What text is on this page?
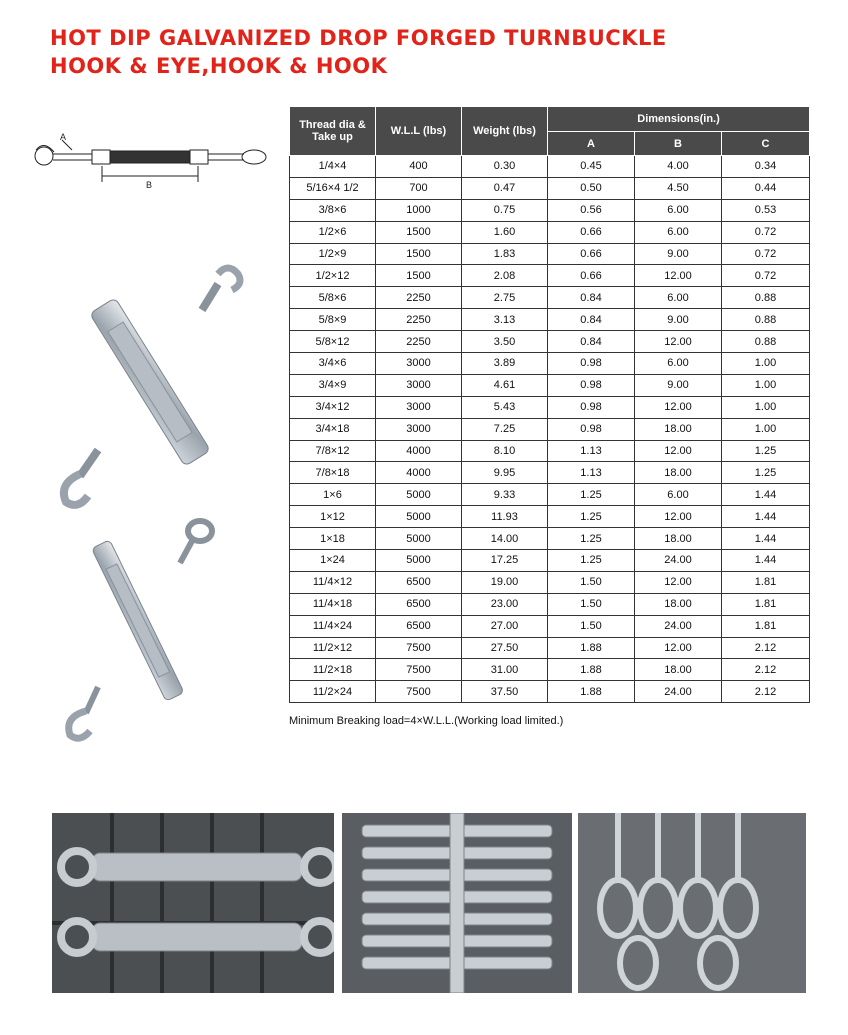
HOT DIP GALVANIZED DROP FORGED TURNBUCKLE
HOOK & EYE,HOOK & HOOK
B
A
Thread dia & Take up	W.L.L (lbs)	Weight (lbs)	Dimensions(in.)		
			A	B	C
1/4×4	400	0.30	0.45	4.00	0.34
5/16×4 1/2	700	0.47	0.50	4.50	0.44
3/8×6	1000	0.75	0.56	6.00	0.53
1/2×6	1500	1.60	0.66	6.00	0.72
1/2×9	1500	1.83	0.66	9.00	0.72
1/2×12	1500	2.08	0.66	12.00	0.72
5/8×6	2250	2.75	0.84	6.00	0.88
5/8×9	2250	3.13	0.84	9.00	0.88
5/8×12	2250	3.50	0.84	12.00	0.88
3/4×6	3000	3.89	0.98	6.00	1.00
3/4×9	3000	4.61	0.98	9.00	1.00
3/4×12	3000	5.43	0.98	12.00	1.00
3/4×18	3000	7.25	0.98	18.00	1.00
7/8×12	4000	8.10	1.13	12.00	1.25
7/8×18	4000	9.95	1.13	18.00	1.25
1×6	5000	9.33	1.25	6.00	1.44
1×12	5000	11.93	1.25	12.00	1.44
1×18	5000	14.00	1.25	18.00	1.44
1×24	5000	17.25	1.25	24.00	1.44
11/4×12	6500	19.00	1.50	12.00	1.81
11/4×18	6500	23.00	1.50	18.00	1.81
11/4×24	6500	27.00	1.50	24.00	1.81
11/2×12	7500	27.50	1.88	12.00	2.12
11/2×18	7500	31.00	1.88	18.00	2.12
11/2×24	7500	37.50	1.88	24.00	2.12
Minimum Breaking load=4×W.L.L.(Working load limited.)
